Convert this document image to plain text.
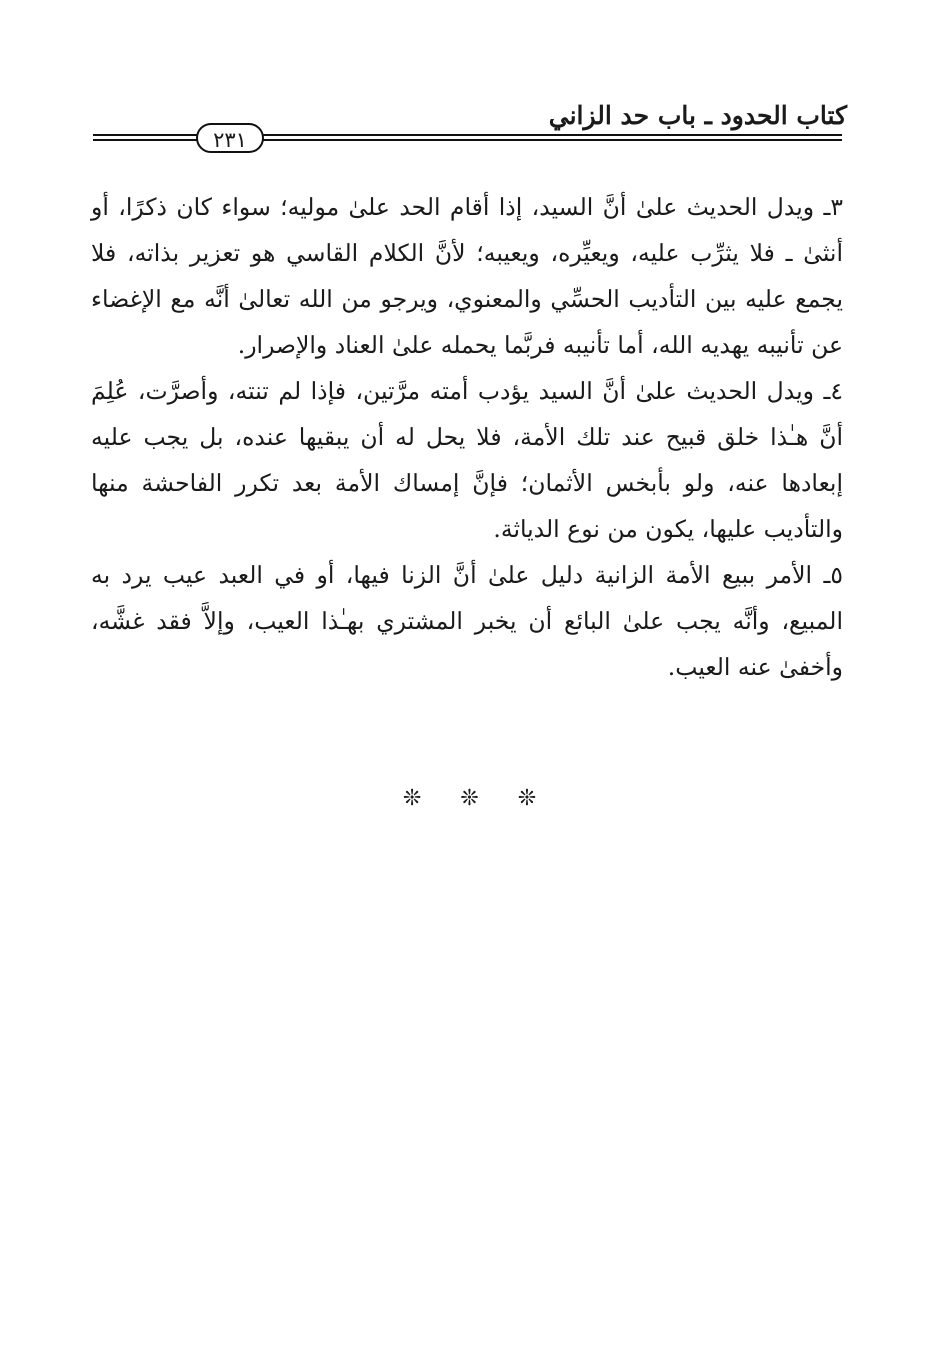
كتاب الحدود ـ باب حد الزاني
٢٣١

٣ـ ويدل الحديث علىٰ أنَّ السيد، إذا أقام الحد علىٰ موليه؛ سواء كان ذكرًا، أو أنثىٰ ـ فلا يثرِّب عليه، ويعيِّره، ويعيبه؛ لأنَّ الكلام القاسي هو تعزير بذاته، فلا يجمع عليه بين التأديب الحسِّي والمعنوي، ويرجو من الله تعالىٰ أنَّه مع الإغضاء عن تأنيبه يهديه الله، أما تأنيبه فربَّما يحمله علىٰ العناد والإصرار.

٤ـ ويدل الحديث علىٰ أنَّ السيد يؤدب أمته مرَّتين، فإذا لم تنته، وأصرَّت، عُلِمَ أنَّ هـٰذا خلق قبيح عند تلك الأمة، فلا يحل له أن يبقيها عنده، بل يجب عليه إبعادها عنه، ولو بأبخس الأثمان؛ فإنَّ إمساك الأمة بعد تكرر الفاحشة منها والتأديب عليها، يكون من نوع الدياثة.

٥ـ الأمر ببيع الأمة الزانية دليل علىٰ أنَّ الزنا فيها، أو في العبد عيب يرد به المبيع، وأنَّه يجب علىٰ البائع أن يخبر المشتري بهـٰذا العيب، وإلاَّ فقد غشَّه، وأخفىٰ عنه العيب.

❊ ❊ ❊
